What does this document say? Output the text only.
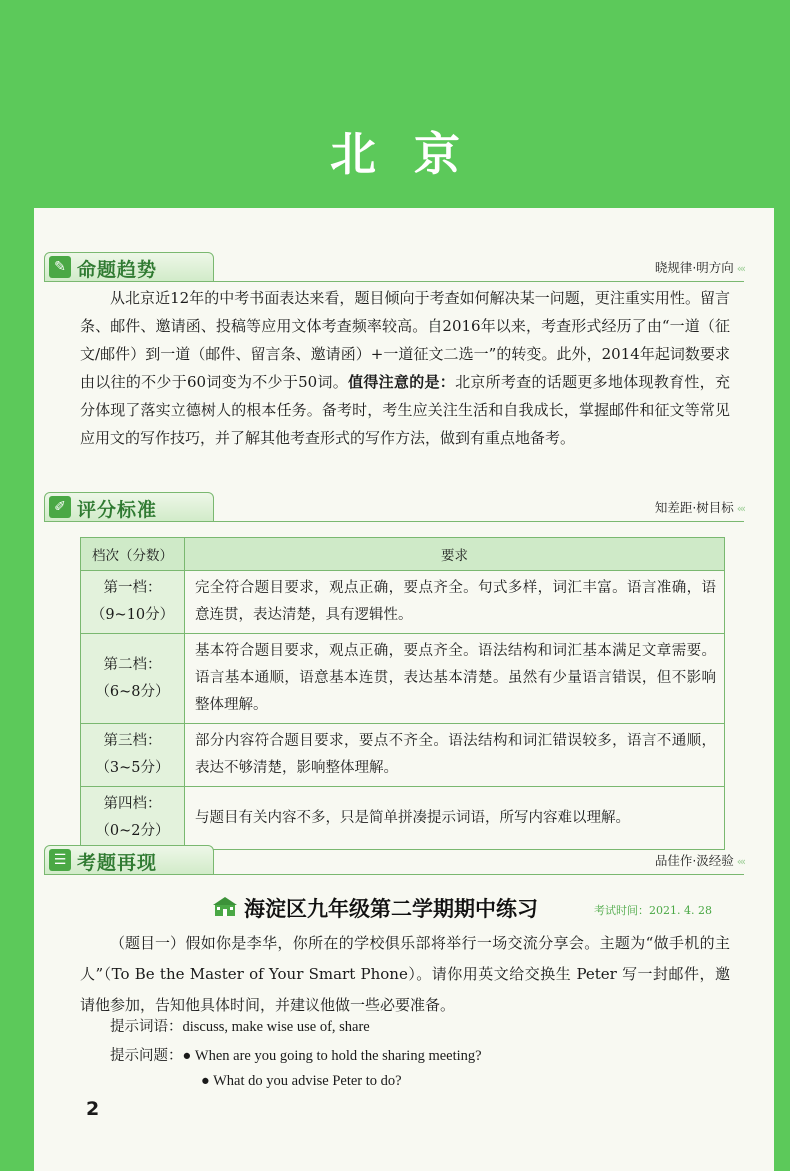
北京
✎ 命题趋势	晓规律·明方向 ‹‹‹
从北京近12年的中考书面表达来看，题目倾向于考查如何解决某一问题，更注重实用性。留言条、邮件、邀请函、投稿等应用文体考查频率较高。自2016年以来，考查形式经历了由“一道（征文/邮件）到一道（邮件、留言条、邀请函）+一道征文二选一”的转变。此外，2014年起词数要求由以往的不少于60词变为不少于50词。值得注意的是：北京所考查的话题更多地体现教育性，充分体现了落实立德树人的根本任务。备考时，考生应关注生活和自我成长，掌握邮件和征文等常见应用文的写作技巧，并了解其他考查形式的写作方法，做到有重点地备考。
✐ 评分标准	知差距·树目标 ‹‹‹
档次（分数）	要求

第一档：
（9~10分）	完全符合题目要求，观点正确，要点齐全。句式多样，词汇丰富。语言准确，语意连贯，表达清楚，具有逻辑性。

第二档：
（6~8分）	基本符合题目要求，观点正确，要点齐全。语法结构和词汇基本满足文章需要。语言基本通顺，语意基本连贯，表达基本清楚。虽然有少量语言错误，但不影响整体理解。

第三档：
（3~5分）	部分内容符合题目要求，要点不齐全。语法结构和词汇错误较多，语言不通顺，表达不够清楚，影响整体理解。

第四档：
（0~2分）	与题目有关内容不多，只是简单拼凑提示词语，所写内容难以理解。
☰ 考题再现	品佳作·汲经验 ‹‹‹
海淀区九年级第二学期期中练习	考试时间：2021. 4. 28
（题目一）假如你是李华，你所在的学校俱乐部将举行一场交流分享会。主题为“做手机的主人”（To Be the Master of Your Smart Phone）。请你用英文给交换生 Peter 写一封邮件，邀请他参加，告知他具体时间，并建议他做一些必要准备。
提示词语：discuss, make wise use of, share
提示问题：● When are you going to hold the sharing meeting?
● What do you advise Peter to do?
2
